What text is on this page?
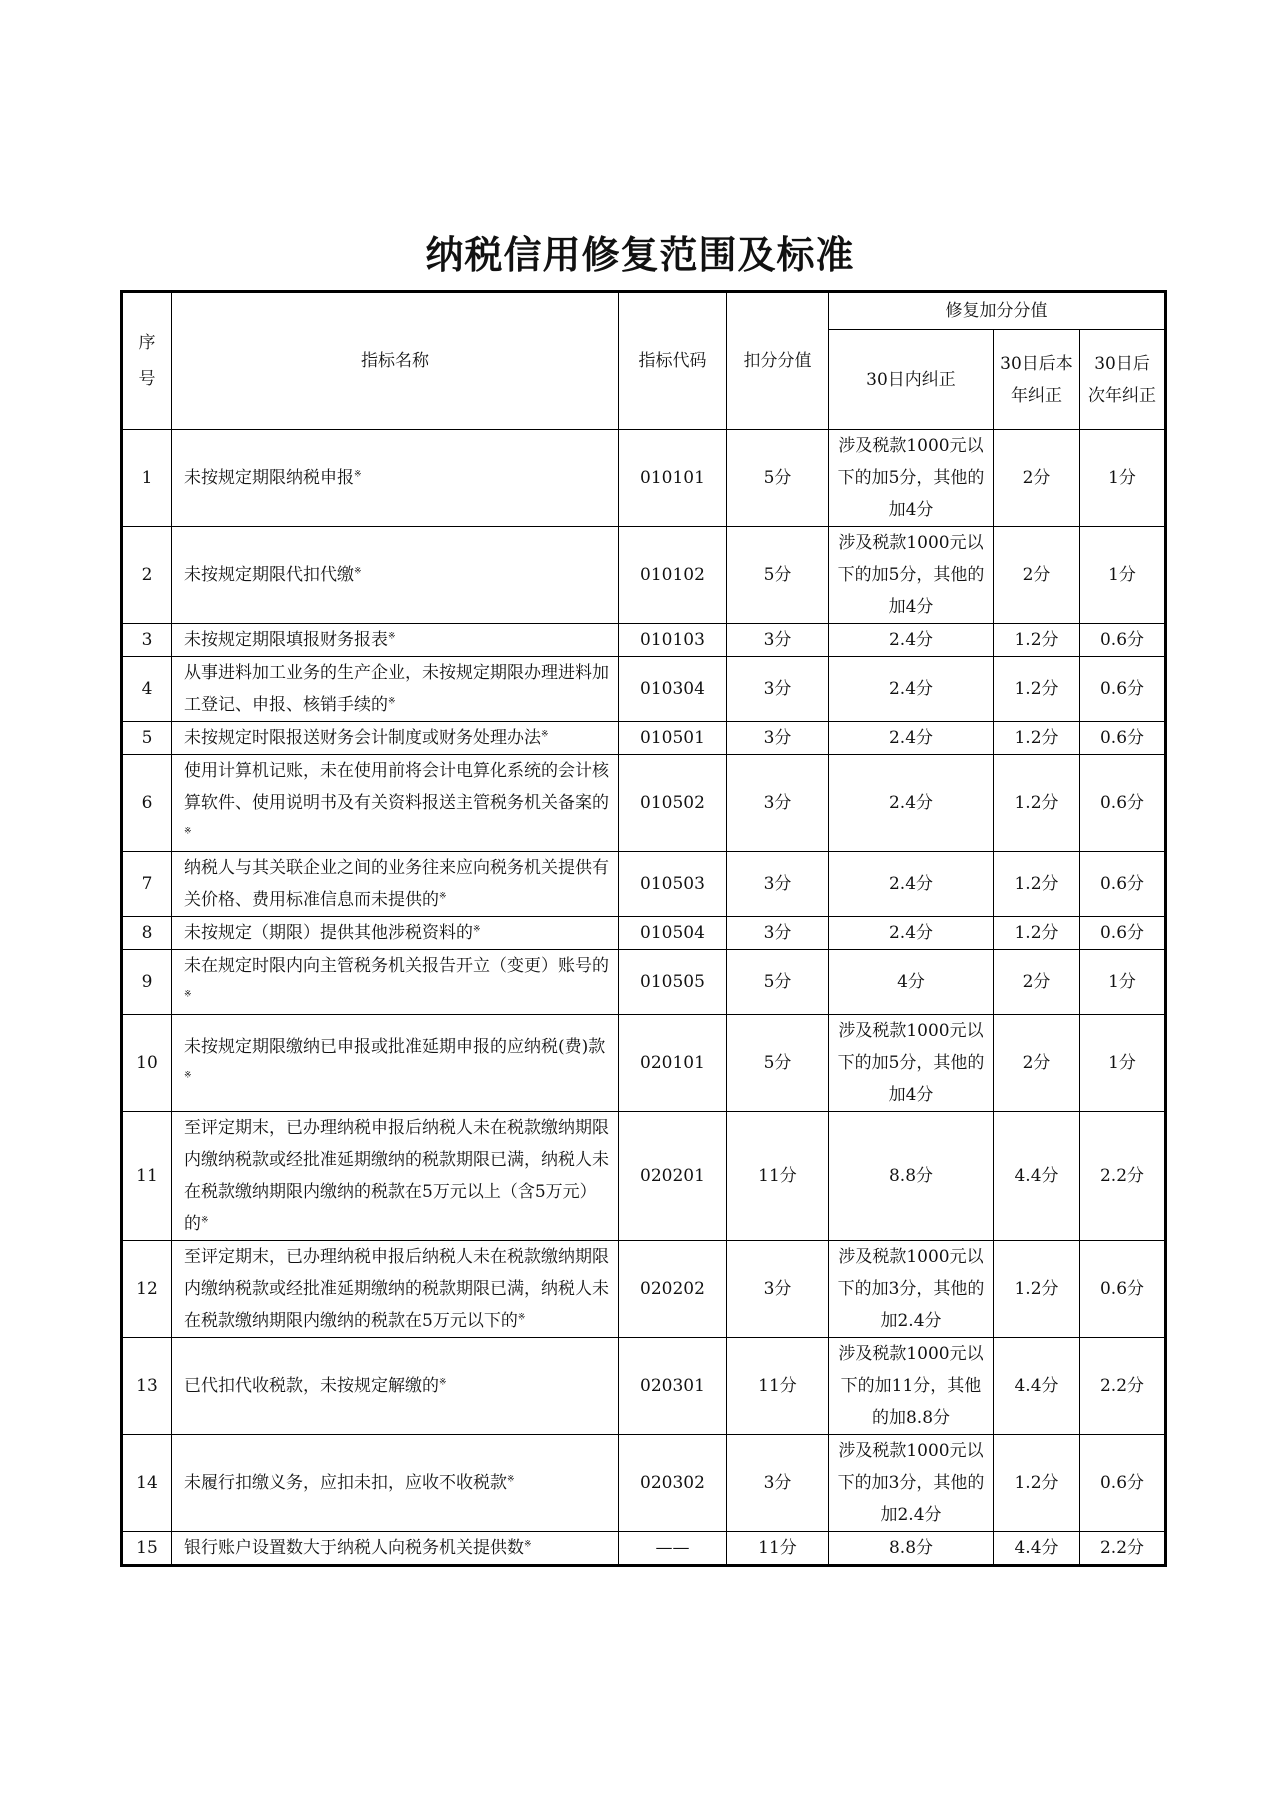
纳税信用修复范围及标准
序号	指标名称	指标代码	扣分分值	修复加分分值		
				30日内纠正	30日后本年纠正	30日后次年纠正
1	未按规定期限纳税申报※	010101	5分	涉及税款1000元以下的加5分，其他的加4分	2分	1分
2	未按规定期限代扣代缴※	010102	5分	涉及税款1000元以下的加5分，其他的加4分	2分	1分
3	未按规定期限填报财务报表※	010103	3分	2.4分	1.2分	0.6分
4	从事进料加工业务的生产企业，未按规定期限办理进料加工登记、申报、核销手续的※	010304	3分	2.4分	1.2分	0.6分
5	未按规定时限报送财务会计制度或财务处理办法※	010501	3分	2.4分	1.2分	0.6分
6	使用计算机记账，未在使用前将会计电算化系统的会计核算软件、使用说明书及有关资料报送主管税务机关备案的※	010502	3分	2.4分	1.2分	0.6分
7	纳税人与其关联企业之间的业务往来应向税务机关提供有关价格、费用标准信息而未提供的※	010503	3分	2.4分	1.2分	0.6分
8	未按规定（期限）提供其他涉税资料的※	010504	3分	2.4分	1.2分	0.6分
9	未在规定时限内向主管税务机关报告开立（变更）账号的※	010505	5分	4分	2分	1分
10	未按规定期限缴纳已申报或批准延期申报的应纳税(费)款※	020101	5分	涉及税款1000元以下的加5分，其他的加4分	2分	1分
11	至评定期末，已办理纳税申报后纳税人未在税款缴纳期限内缴纳税款或经批准延期缴纳的税款期限已满，纳税人未在税款缴纳期限内缴纳的税款在5万元以上（含5万元）的※	020201	11分	8.8分	4.4分	2.2分
12	至评定期末，已办理纳税申报后纳税人未在税款缴纳期限内缴纳税款或经批准延期缴纳的税款期限已满，纳税人未在税款缴纳期限内缴纳的税款在5万元以下的※	020202	3分	涉及税款1000元以下的加3分，其他的加2.4分	1.2分	0.6分
13	已代扣代收税款，未按规定解缴的※	020301	11分	涉及税款1000元以下的加11分，其他的加8.8分	4.4分	2.2分
14	未履行扣缴义务，应扣未扣，应收不收税款※	020302	3分	涉及税款1000元以下的加3分，其他的加2.4分	1.2分	0.6分
15	银行账户设置数大于纳税人向税务机关提供数※	——	11分	8.8分	4.4分	2.2分
